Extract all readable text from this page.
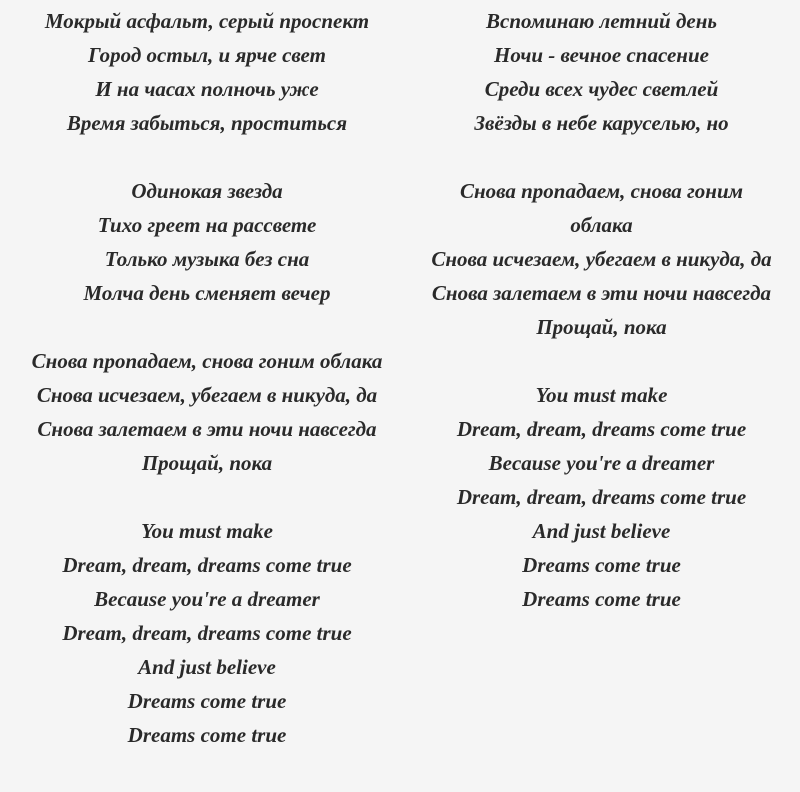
Мокрый асфальт, серый проспект
Город остыл, и ярче свет
И на часах полночь уже
Время забыться, проститься
Одинокая звезда
Тихо греет на рассвете
Только музыка без сна
Молча день сменяет вечер
Снова пропадаем, снова гоним облака
Снова исчезаем, убегаем в никуда, да
Снова залетаем в эти ночи навсегда
Прощай, пока
You must make
Dream, dream, dreams come true
Because you're a dreamer
Dream, dream, dreams come true
And just believe
Dreams come true
Dreams come true
Вспоминаю летний день
Ночи - вечное спасение
Среди всех чудес светлей
Звёзды в небе каруселью, но
Снова пропадаем, снова гоним
облака
Снова исчезаем, убегаем в никуда, да
Снова залетаем в эти ночи навсегда
Прощай, пока
You must make
Dream, dream, dreams come true
Because you're a dreamer
Dream, dream, dreams come true
And just believe
Dreams come true
Dreams come true
